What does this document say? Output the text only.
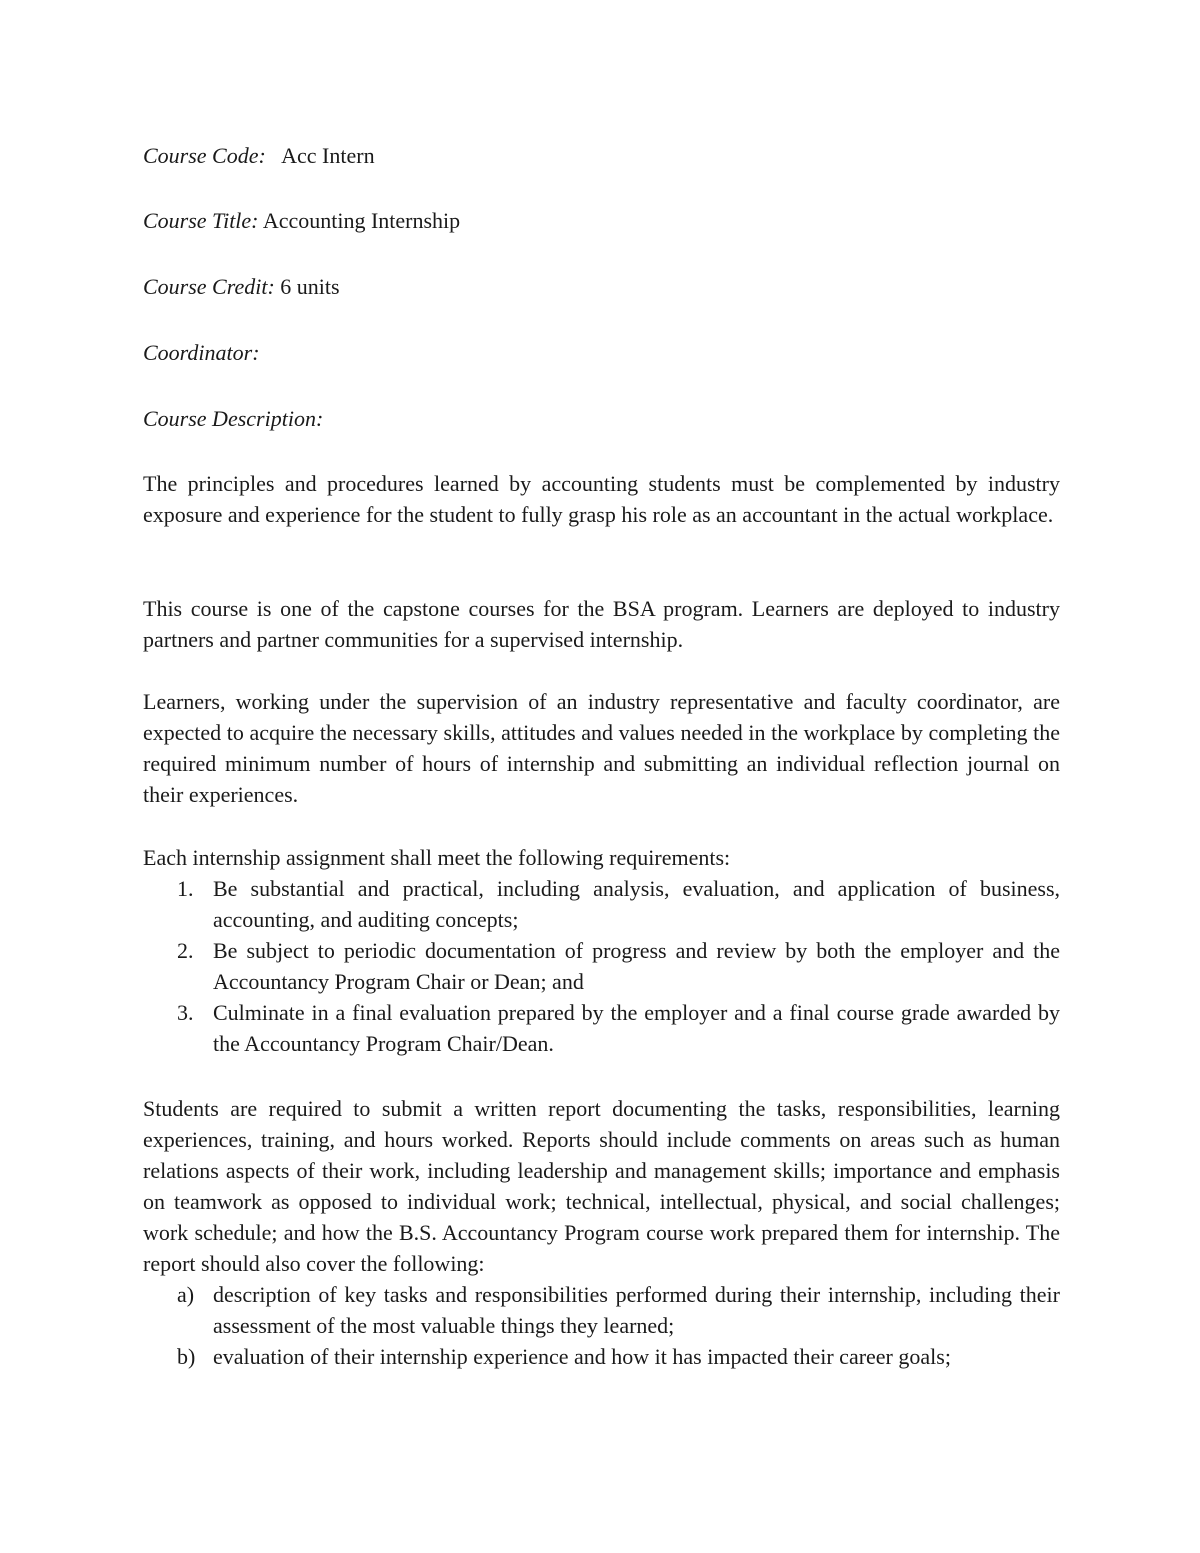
Course Code: Acc Intern
Course Title: Accounting Internship
Course Credit: 6 units
Coordinator:
Course Description:

The principles and procedures learned by accounting students must be complemented by industry exposure and experience for the student to fully grasp his role as an accountant in the actual workplace.

This course is one of the capstone courses for the BSA program. Learners are deployed to industry partners and partner communities for a supervised internship.

Learners, working under the supervision of an industry representative and faculty coordinator, are expected to acquire the necessary skills, attitudes and values needed in the workplace by completing the required minimum number of hours of internship and submitting an individual reflection journal on their experiences.

Each internship assignment shall meet the following requirements:

1. Be substantial and practical, including analysis, evaluation, and application of business, accounting, and auditing concepts;
2. Be subject to periodic documentation of progress and review by both the employer and the Accountancy Program Chair or Dean; and
3. Culminate in a final evaluation prepared by the employer and a final course grade awarded by the Accountancy Program Chair/Dean.

Students are required to submit a written report documenting the tasks, responsibilities, learning experiences, training, and hours worked. Reports should include comments on areas such as human relations aspects of their work, including leadership and management skills; importance and emphasis on teamwork as opposed to individual work; technical, intellectual, physical, and social challenges; work schedule; and how the B.S. Accountancy Program course work prepared them for internship. The report should also cover the following:

a) description of key tasks and responsibilities performed during their internship, including their assessment of the most valuable things they learned;
b) evaluation of their internship experience and how it has impacted their career goals;
